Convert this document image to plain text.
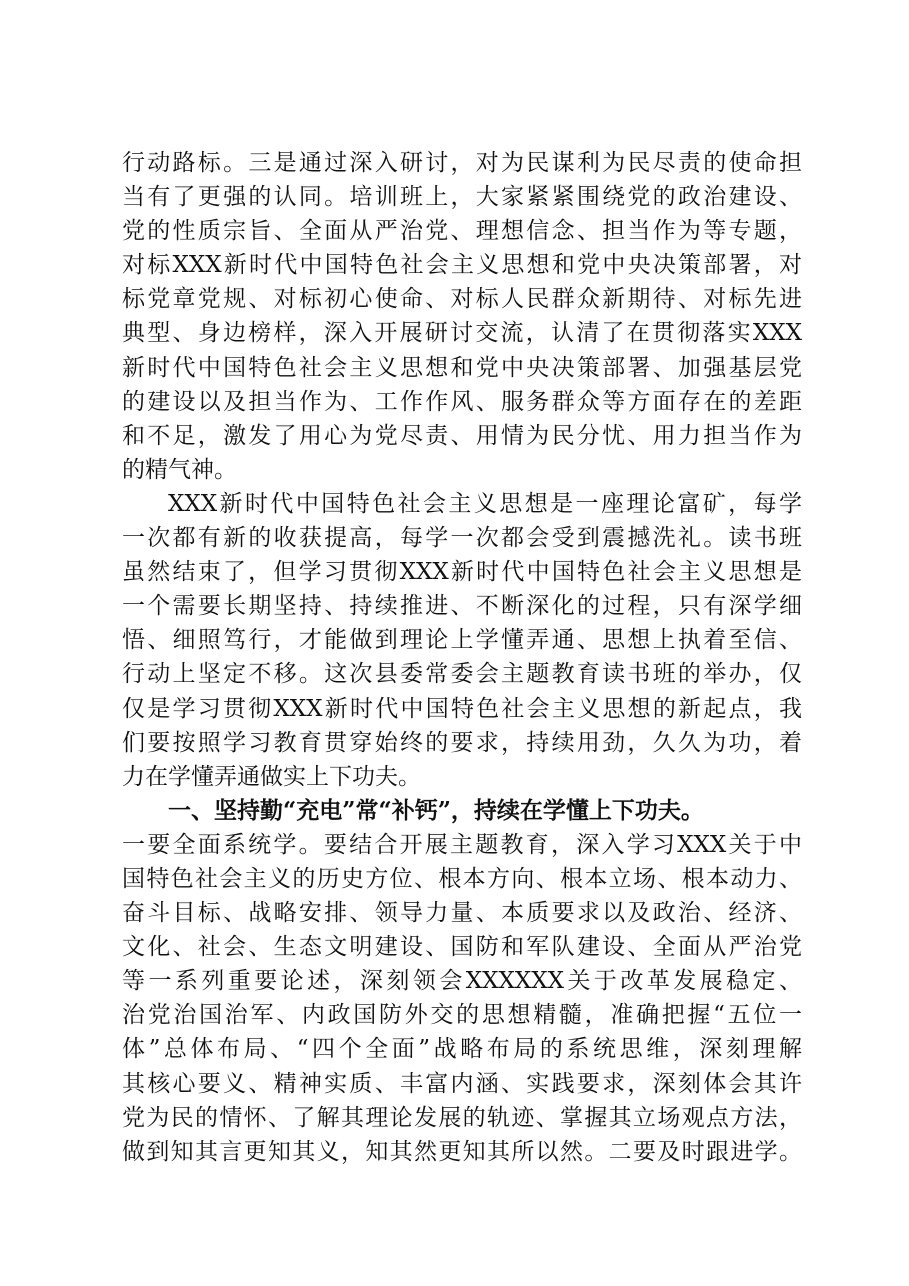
行动路标。三是通过深入研讨，对为民谋利为民尽责的使命担
当有了更强的认同。培训班上，大家紧紧围绕党的政治建设、
党的性质宗旨、全面从严治党、理想信念、担当作为等专题，
对标XXX新时代中国特色社会主义思想和党中央决策部署，对
标党章党规、对标初心使命、对标人民群众新期待、对标先进
典型、身边榜样，深入开展研讨交流，认清了在贯彻落实XXX
新时代中国特色社会主义思想和党中央决策部署、加强基层党
的建设以及担当作为、工作作风、服务群众等方面存在的差距
和不足，激发了用心为党尽责、用情为民分忧、用力担当作为
的精气神。
XXX新时代中国特色社会主义思想是一座理论富矿，每学
一次都有新的收获提高，每学一次都会受到震撼洗礼。读书班
虽然结束了，但学习贯彻XXX新时代中国特色社会主义思想是
一个需要长期坚持、持续推进、不断深化的过程，只有深学细
悟、细照笃行，才能做到理论上学懂弄通、思想上执着至信、
行动上坚定不移。这次县委常委会主题教育读书班的举办，仅
仅是学习贯彻XXX新时代中国特色社会主义思想的新起点，我
们要按照学习教育贯穿始终的要求，持续用劲，久久为功，着
力在学懂弄通做实上下功夫。
一、坚持勤“充电”常“补钙”，持续在学懂上下功夫。
一要全面系统学。要结合开展主题教育，深入学习XXX关于中
国特色社会主义的历史方位、根本方向、根本立场、根本动力、
奋斗目标、战略安排、领导力量、本质要求以及政治、经济、
文化、社会、生态文明建设、国防和军队建设、全面从严治党
等一系列重要论述，深刻领会XXXXXX关于改革发展稳定、
治党治国治军、内政国防外交的思想精髓，准确把握“五位一
体”总体布局、“四个全面”战略布局的系统思维，深刻理解
其核心要义、精神实质、丰富内涵、实践要求，深刻体会其许
党为民的情怀、了解其理论发展的轨迹、掌握其立场观点方法，
做到知其言更知其义，知其然更知其所以然。二要及时跟进学。
